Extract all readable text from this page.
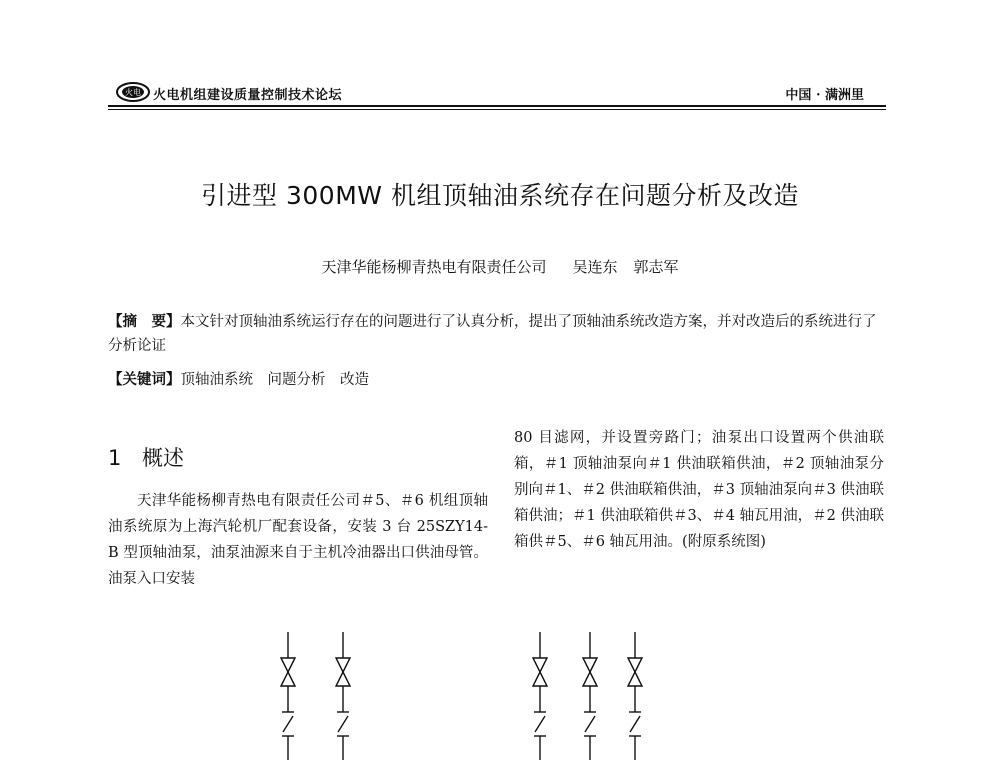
火电 火电机组建设质量控制技术论坛	中国 · 满洲里
引进型 300MW 机组顶轴油系统存在问题分析及改造
天津华能杨柳青热电有限责任公司 吴连东 郭志军
【摘　要】本文针对顶轴油系统运行存在的问题进行了认真分析，提出了顶轴油系统改造方案，并对改造后的系统进行了分析论证
【关键词】顶轴油系统　问题分析　改造
1 概述
天津华能杨柳青热电有限责任公司＃5、＃6 机组顶轴油系统原为上海汽轮机厂配套设备，安装 3 台 25SZY14-B 型顶轴油泵，油泵油源来自于主机冷油器出口供油母管。油泵入口安装
80 目滤网，并设置旁路门；油泵出口设置两个供油联箱，＃1 顶轴油泵向＃1 供油联箱供油，＃2 顶轴油泵分别向＃1、＃2 供油联箱供油，＃3 顶轴油泵向＃3 供油联箱供油；＃1 供油联箱供＃3、＃4 轴瓦用油，＃2 供油联箱供＃5、＃6 轴瓦用油。(附原系统图)
